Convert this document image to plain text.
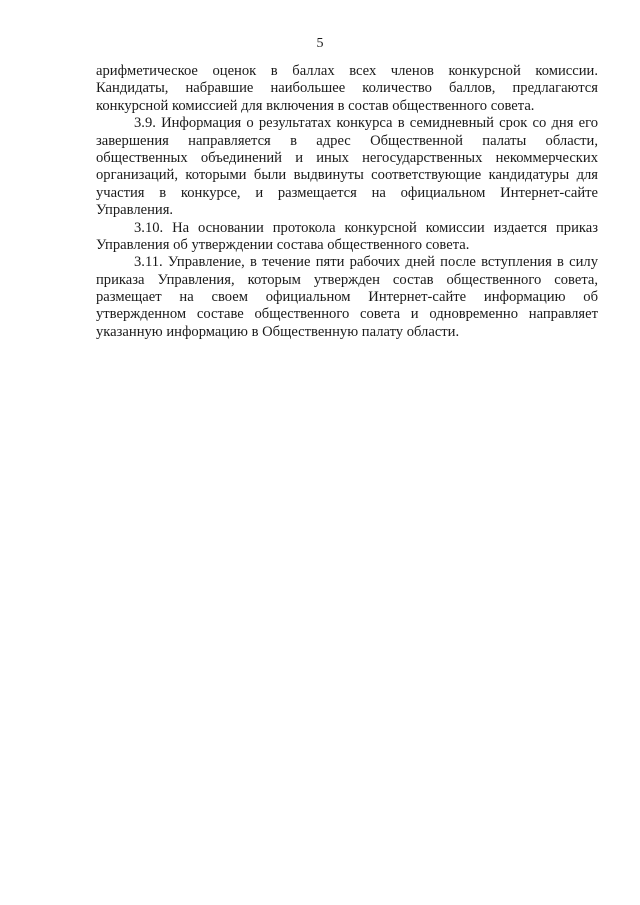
5
арифметическое оценок в баллах всех членов конкурсной комиссии.
Кандидаты, набравшие наибольшее количество баллов, предлагаются
конкурсной комиссией для включения в состав общественного совета.
3.9. Информация о результатах конкурса в семидневный срок со дня его
завершения направляется в адрес Общественной палаты области,
общественных объединений и иных негосударственных некоммерческих
организаций, которыми были выдвинуты соответствующие кандидатуры для
участия в конкурсе, и размещается на официальном Интернет-сайте
Управления.
3.10. На основании протокола конкурсной комиссии издается приказ
Управления об утверждении состава общественного совета.
3.11. Управление, в течение пяти рабочих дней после вступления в силу
приказа Управления, которым утвержден состав общественного совета,
размещает на своем официальном Интернет-сайте информацию об
утвержденном составе общественного совета и одновременно направляет
указанную информацию в Общественную палату области.
